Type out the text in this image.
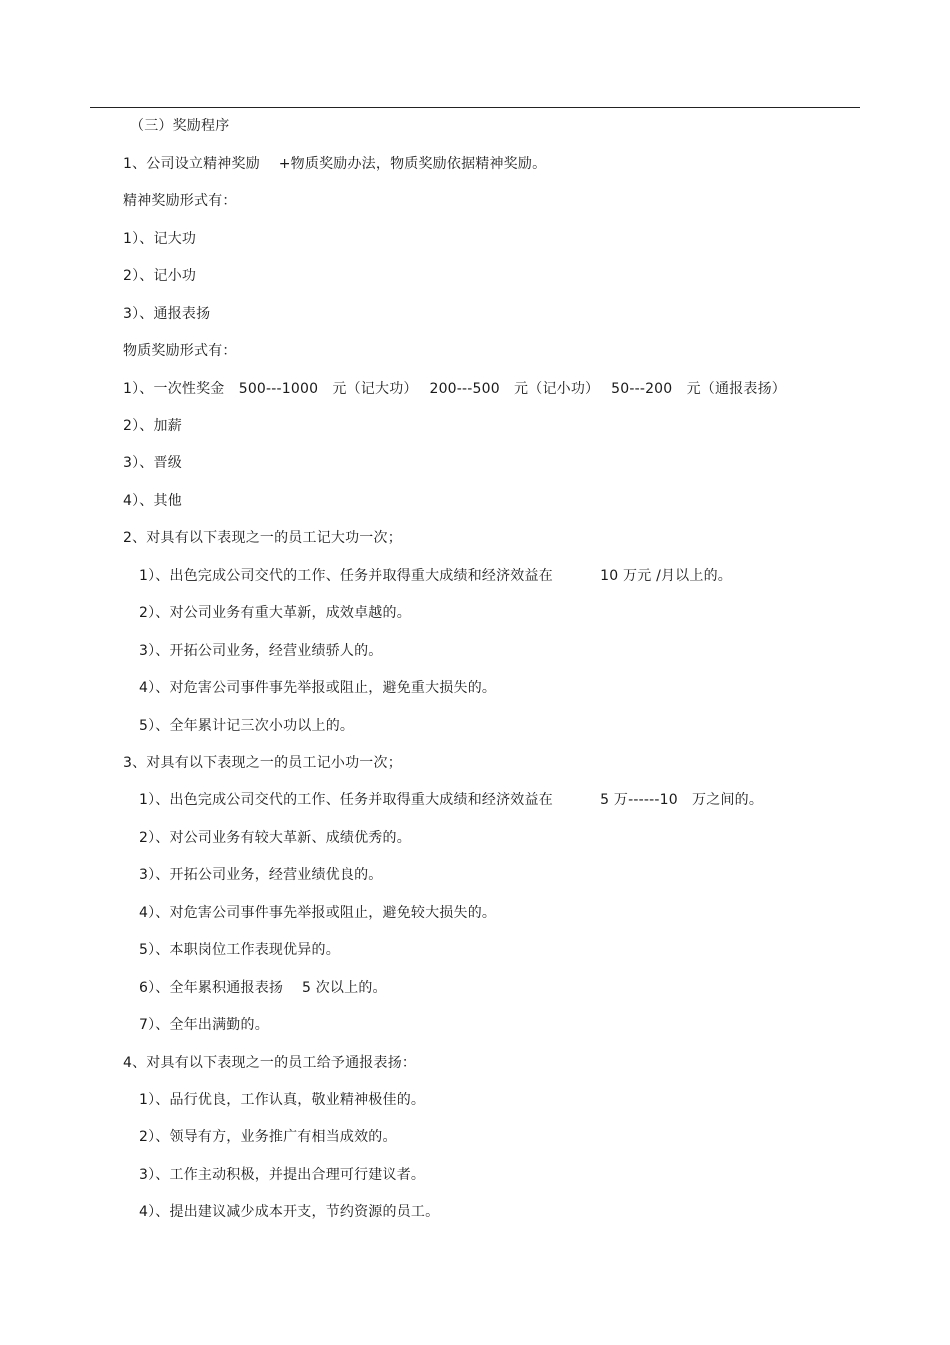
（三）奖励程序
1、公司设立精神奖励　 +物质奖励办法，物质奖励依据精神奖励。
精神奖励形式有：
1）、记大功
2）、记小功
3）、通报表扬
物质奖励形式有：
1）、一次性奖金　500---1000　元（记大功）　 200---500　元（记小功）　 50---200　元（通报表扬）
2）、加薪
3）、晋级
4）、其他
2、对具有以下表现之一的员工记大功一次；
1）、出色完成公司交代的工作、任务并取得重大成绩和经济效益在　　　 10 万元 /月以上的。
2）、对公司业务有重大革新，成效卓越的。
3）、开拓公司业务，经营业绩骄人的。
4）、对危害公司事件事先举报或阻止，避免重大损失的。
5）、全年累计记三次小功以上的。
3、对具有以下表现之一的员工记小功一次；
1）、出色完成公司交代的工作、任务并取得重大成绩和经济效益在　　　 5 万------10　万之间的。
2）、对公司业务有较大革新、成绩优秀的。
3）、开拓公司业务，经营业绩优良的。
4）、对危害公司事件事先举报或阻止，避免较大损失的。
5）、本职岗位工作表现优异的。
6）、全年累积通报表扬　 5 次以上的。
7）、全年出满勤的。
4、对具有以下表现之一的员工给予通报表扬：
1）、品行优良，工作认真，敬业精神极佳的。
2）、领导有方，业务推广有相当成效的。
3）、工作主动积极，并提出合理可行建议者。
4）、提出建议减少成本开支，节约资源的员工。
